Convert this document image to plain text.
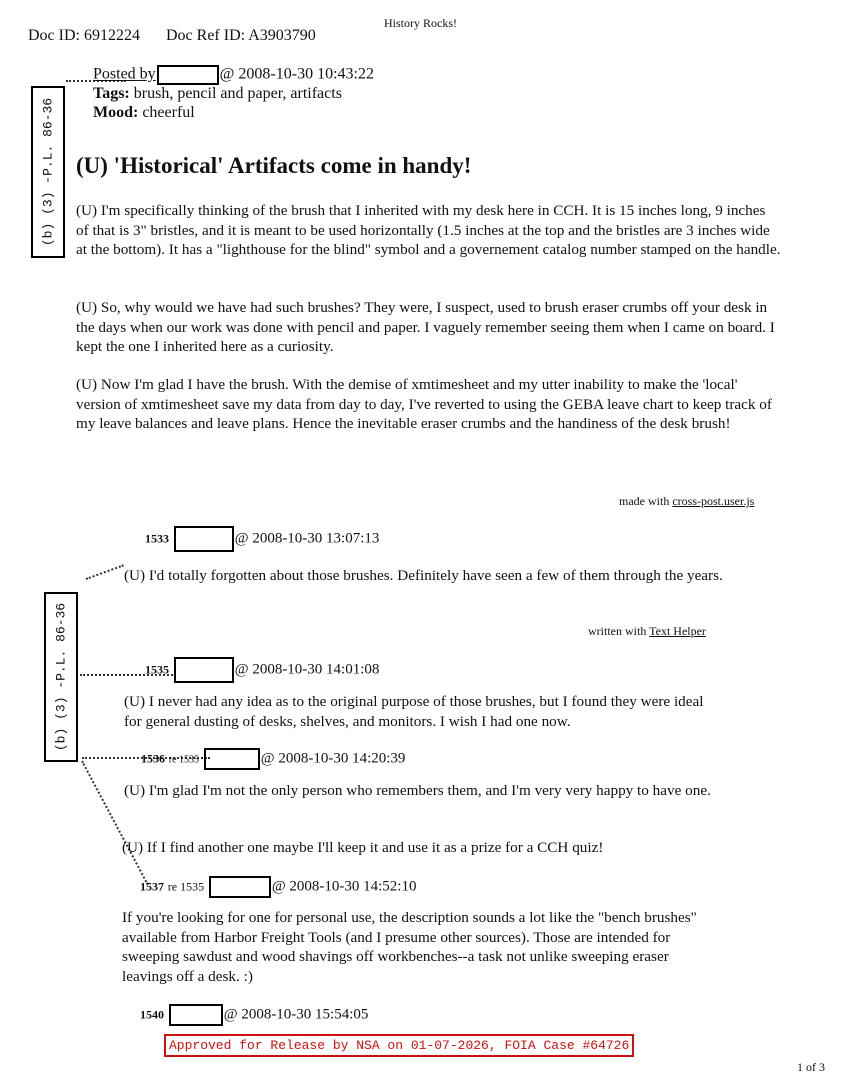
Doc ID: 6912224 Doc Ref ID: A3903790
History Rocks!
(b) (3) -P.L. 86-36
Posted by	@ 2008-10-30 10:43:22
Tags: brush, pencil and paper, artifacts
Mood: cheerful
(U) 'Historical' Artifacts come in handy!
(U) I'm specifically thinking of the brush that I inherited with my desk here in CCH. It is 15 inches long, 9 inches of that is 3" bristles, and it is meant to be used horizontally (1.5 inches at the top and the bristles are 3 inches wide at the bottom). It has a "lighthouse for the blind" symbol and a governement catalog number stamped on the handle.
(U) So, why would we have had such brushes? They were, I suspect, used to brush eraser crumbs off your desk in the days when our work was done with pencil and paper. I vaguely remember seeing them when I came on board. I kept the one I inherited here as a curiosity.
(U) Now I'm glad I have the brush. With the demise of xmtimesheet and my utter inability to make the 'local' version of xmtimesheet save my data from day to day, I've reverted to using the GEBA leave chart to keep track of my leave balances and leave plans. Hence the inevitable eraser crumbs and the handiness of the desk brush!
made with cross-post.user.js
(b) (3) -P.L. 86-36
1533	@ 2008-10-30 13:07:13
(U) I'd totally forgotten about those brushes. Definitely have seen a few of them through the years.
written with Text Helper
1535	@ 2008-10-30 14:01:08
(U) I never had any idea as to the original purpose of those brushes, but I found they were ideal for general dusting of desks, shelves, and monitors. I wish I had one now.
1536 re 1535	@ 2008-10-30 14:20:39
(U) I'm glad I'm not the only person who remembers them, and I'm very very happy to have one.
(U) If I find another one maybe I'll keep it and use it as a prize for a CCH quiz!
1537 re 1535	@ 2008-10-30 14:52:10
If you're looking for one for personal use, the description sounds a lot like the "bench brushes" available from Harbor Freight Tools (and I presume other sources). Those are intended for sweeping sawdust and wood shavings off workbenches--a task not unlike sweeping eraser leavings off a desk. :)
1540	@ 2008-10-30 15:54:05
Approved for Release by NSA on 01-07-2026, FOIA Case #64726
1 of 3
